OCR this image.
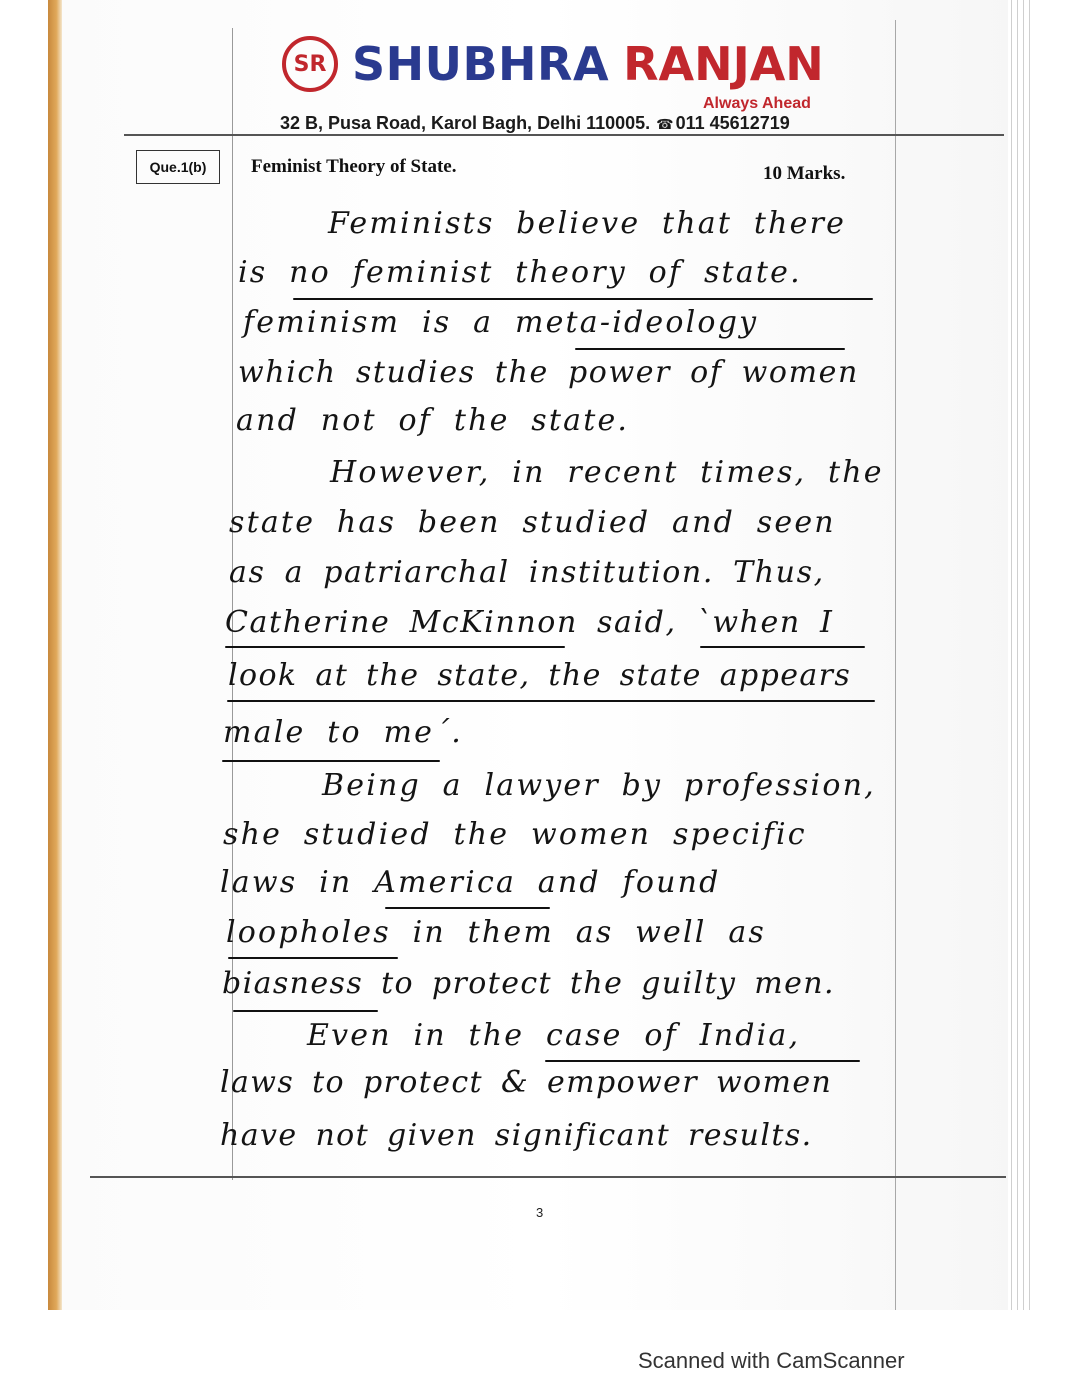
SR SHUBHRA RANJAN
Always Ahead
32 B, Pusa Road, Karol Bagh, Delhi 110005. ☎ 011 45612719
Que.1(b)	Feminist Theory of State.	10 Marks.
Feminists believe that there
is no feminist theory of state.
feminism is a meta-ideology
which studies the power of women
and not of the state.
However, in recent times, the
state has been studied and seen
as a patriarchal institution. Thus,
Catherine McKinnon said, `when I
look at the state, the state appears
male to me´.
Being a lawyer by profession,
she studied the women specific
laws in America and found
loopholes in them as well as
biasness to protect the guilty men.
Even in the case of India,
laws to protect & empower women
have not given significant results.
3
Scanned with CamScanner
